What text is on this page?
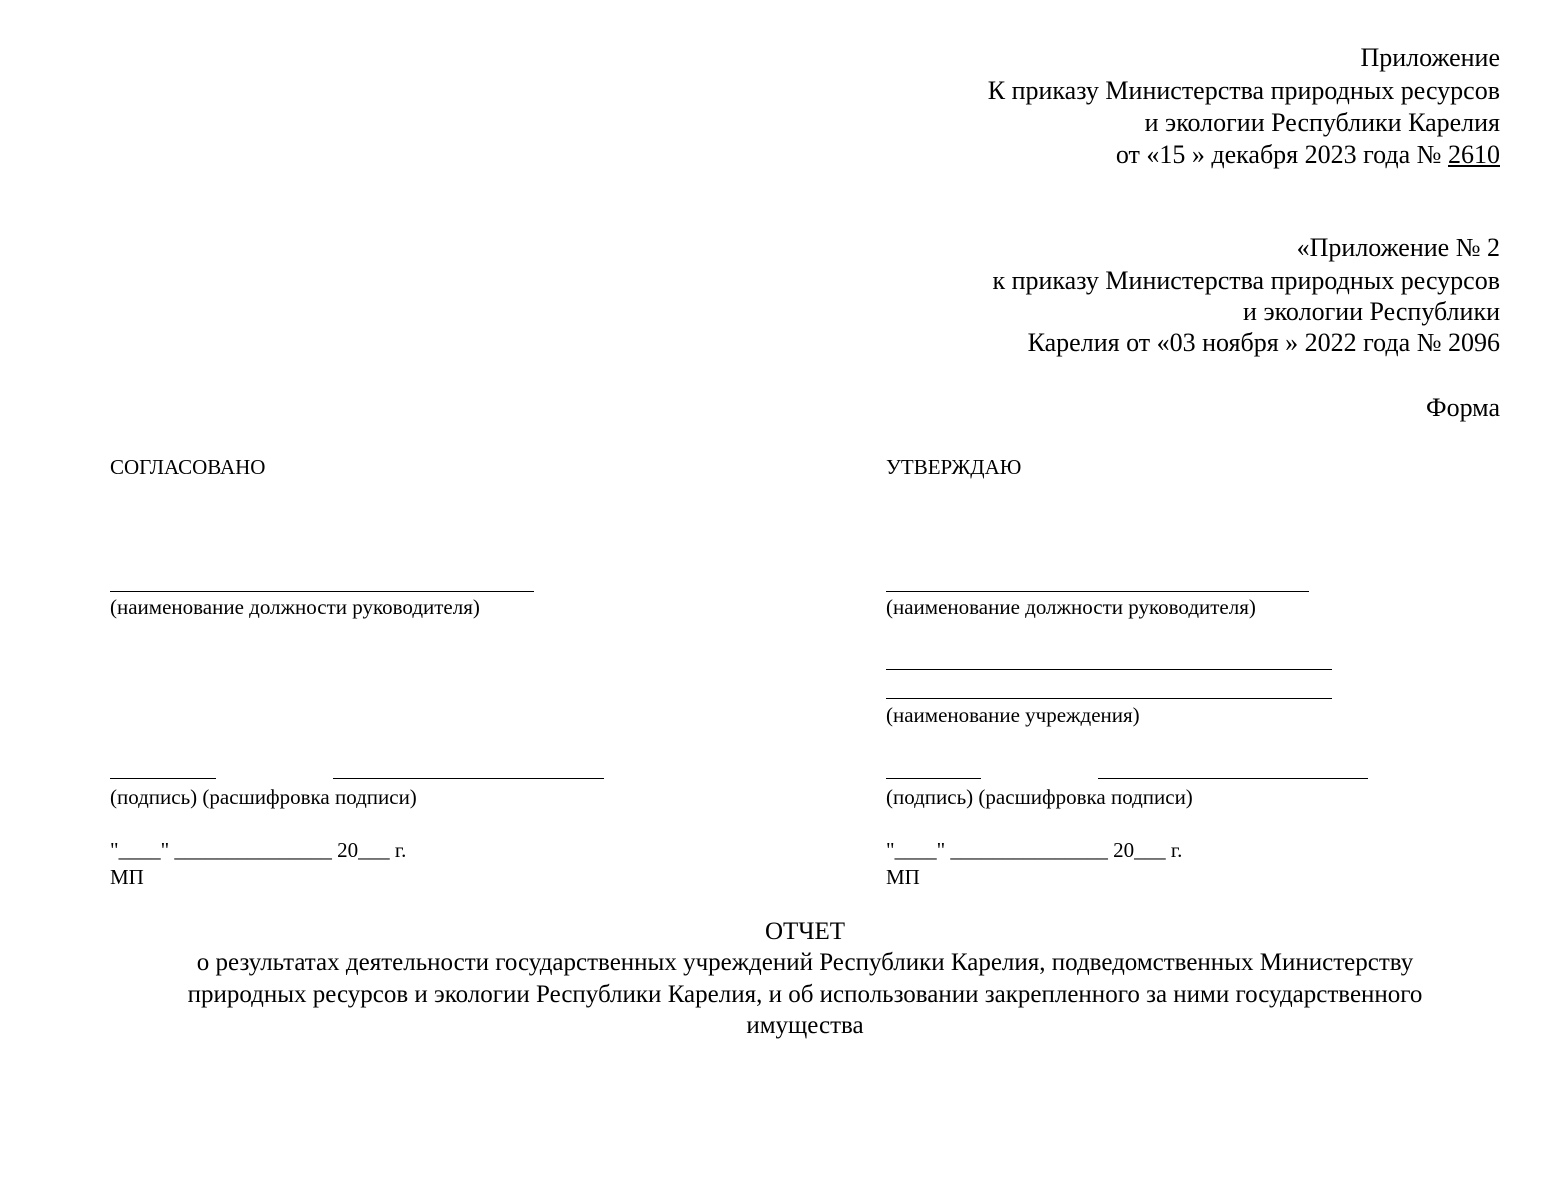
Приложение
К приказу Министерства природных ресурсов
и экологии Республики Карелия
от «15 » декабря 2023 года № 2610
«Приложение № 2
к приказу Министерства природных ресурсов
и экологии Республики
Карелия от «03 ноября » 2022 года № 2096
Форма
СОГЛАСОВАНО
(наименование должности руководителя)
(подпись) (расшифровка подписи)
"____" _______________ 20___ г.
МП
УТВЕРЖДАЮ
(наименование должности руководителя)
(наименование учреждения)
(подпись) (расшифровка подписи)
"____" _______________ 20___ г.
МП
ОТЧЕТ
о результатах деятельности государственных учреждений Республики Карелия, подведомственных Министерству
природных ресурсов и экологии Республики Карелия, и об использовании закрепленного за ними государственного
имущества
